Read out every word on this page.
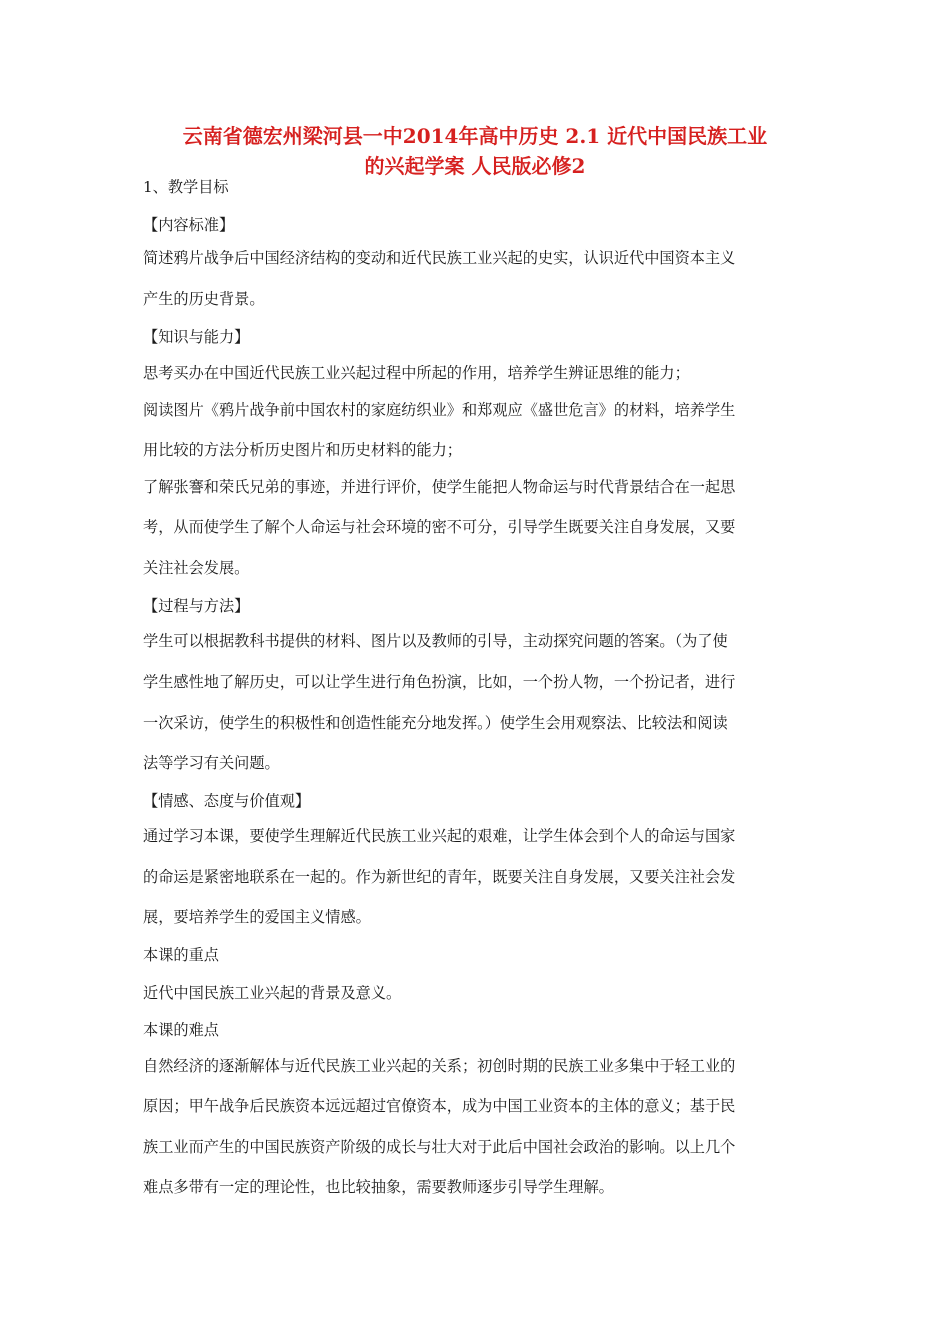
云南省德宏州梁河县一中2014年高中历史 2.1 近代中国民族工业
的兴起学案 人民版必修2
1、教学目标
【内容标准】
简述鸦片战争后中国经济结构的变动和近代民族工业兴起的史实，认识近代中国资本主义
产生的历史背景。
【知识与能力】
思考买办在中国近代民族工业兴起过程中所起的作用，培养学生辨证思维的能力；
阅读图片《鸦片战争前中国农村的家庭纺织业》和郑观应《盛世危言》的材料，培养学生
用比较的方法分析历史图片和历史材料的能力；
了解张謇和荣氏兄弟的事迹，并进行评价，使学生能把人物命运与时代背景结合在一起思
考，从而使学生了解个人命运与社会环境的密不可分，引导学生既要关注自身发展，又要
关注社会发展。
【过程与方法】
学生可以根据教科书提供的材料、图片以及教师的引导，主动探究问题的答案。（为了使
学生感性地了解历史，可以让学生进行角色扮演，比如，一个扮人物，一个扮记者，进行
一次采访，使学生的积极性和创造性能充分地发挥。）使学生会用观察法、比较法和阅读
法等学习有关问题。
【情感、态度与价值观】
通过学习本课，要使学生理解近代民族工业兴起的艰难，让学生体会到个人的命运与国家
的命运是紧密地联系在一起的。作为新世纪的青年，既要关注自身发展，又要关注社会发
展，要培养学生的爱国主义情感。
本课的重点
近代中国民族工业兴起的背景及意义。
本课的难点
自然经济的逐渐解体与近代民族工业兴起的关系；初创时期的民族工业多集中于轻工业的
原因；甲午战争后民族资本远远超过官僚资本，成为中国工业资本的主体的意义；基于民
族工业而产生的中国民族资产阶级的成长与壮大对于此后中国社会政治的影响。以上几个
难点多带有一定的理论性，也比较抽象，需要教师逐步引导学生理解。
